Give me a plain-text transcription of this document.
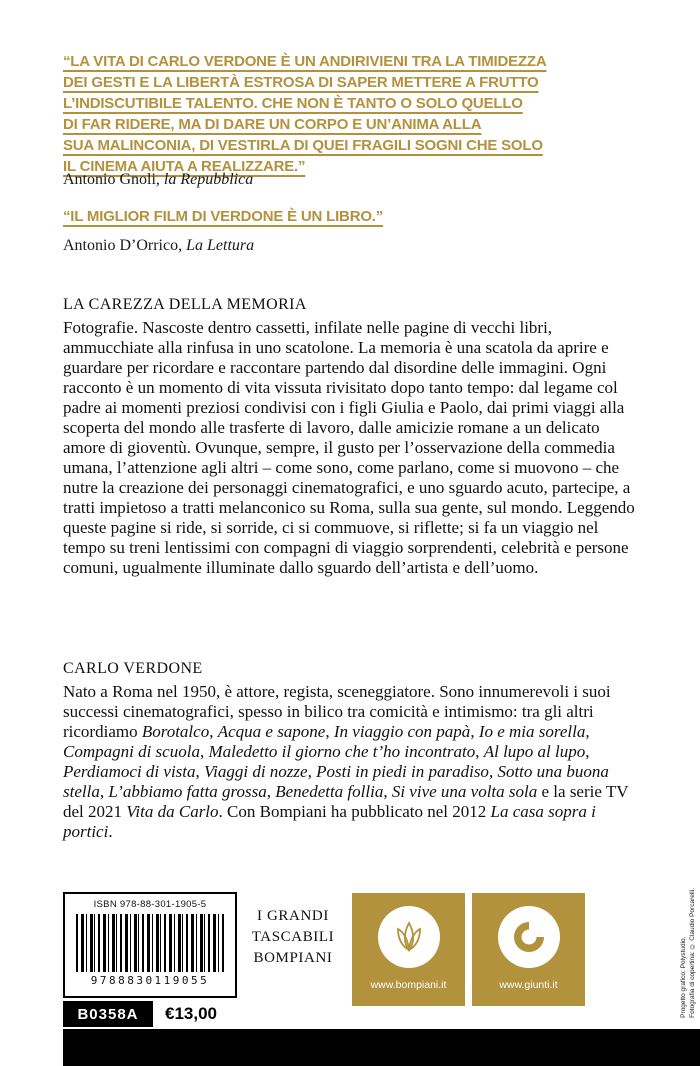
“LA VITA DI CARLO VERDONE È UN ANDIRIVIENI TRA LA TIMIDEZZA
DEI GESTI E LA LIBERTÀ ESTROSA DI SAPER METTERE A FRUTTO
L’INDISCUTIBILE TALENTO. CHE NON È TANTO O SOLO QUELLO
DI FAR RIDERE, MA DI DARE UN CORPO E UN’ANIMA ALLA
SUA MALINCONIA, DI VESTIRLA DI QUEI FRAGILI SOGNI CHE SOLO
IL CINEMA AIUTA A REALIZZARE.”

Antonio Gnoli, la Repubblica

“IL MIGLIOR FILM DI VERDONE È UN LIBRO.”

Antonio D’Orrico, La Lettura

LA CAREZZA DELLA MEMORIA

Fotografie. Nascoste dentro cassetti, infilate nelle pagine di vecchi libri, ammucchiate alla rinfusa in uno scatolone. La memoria è una scatola da aprire e guardare per ricordare e raccontare partendo dal disordine delle immagini. Ogni racconto è un momento di vita vissuta rivisitato dopo tanto tempo: dal legame col padre ai momenti preziosi condivisi con i figli Giulia e Paolo, dai primi viaggi alla scoperta del mondo alle trasferte di lavoro, dalle amicizie romane a un delicato amore di gioventù. Ovunque, sempre, il gusto per l’osservazione della commedia umana, l’attenzione agli altri – come sono, come parlano, come si muovono – che nutre la creazione dei personaggi cinematografici, e uno sguardo acuto, partecipe, a tratti impietoso a tratti melanconico su Roma, sulla sua gente, sul mondo. Leggendo queste pagine si ride, si sorride, ci si commuove, si riflette; si fa un viaggio nel tempo su treni lentissimi con compagni di viaggio sorprendenti, celebrità e persone comuni, ugualmente illuminate dallo sguardo dell’artista e dell’uomo.

CARLO VERDONE

Nato a Roma nel 1950, è attore, regista, sceneggiatore. Sono innumerevoli i suoi successi cinematografici, spesso in bilico tra comicità e intimismo: tra gli altri ricordiamo Borotalco, Acqua e sapone, In viaggio con papà, Io e mia sorella, Compagni di scuola, Maledetto il giorno che t’ho incontrato, Al lupo al lupo, Perdiamoci di vista, Viaggi di nozze, Posti in piedi in paradiso, Sotto una buona stella, L’abbiamo fatta grossa, Benedetta follia, Si vive una volta sola e la serie TV del 2021 Vita da Carlo. Con Bompiani ha pubblicato nel 2012 La casa sopra i portici.

ISBN 978-88-301-1905-5
9788830119055
B0358A	€13,00
I GRANDI
TASCABILI
BOMPIANI
www.bompiani.it	www.giunti.it	Progetto grafico: Polystudio. Fotografia di copertina: © Claudio Porcarelli.
